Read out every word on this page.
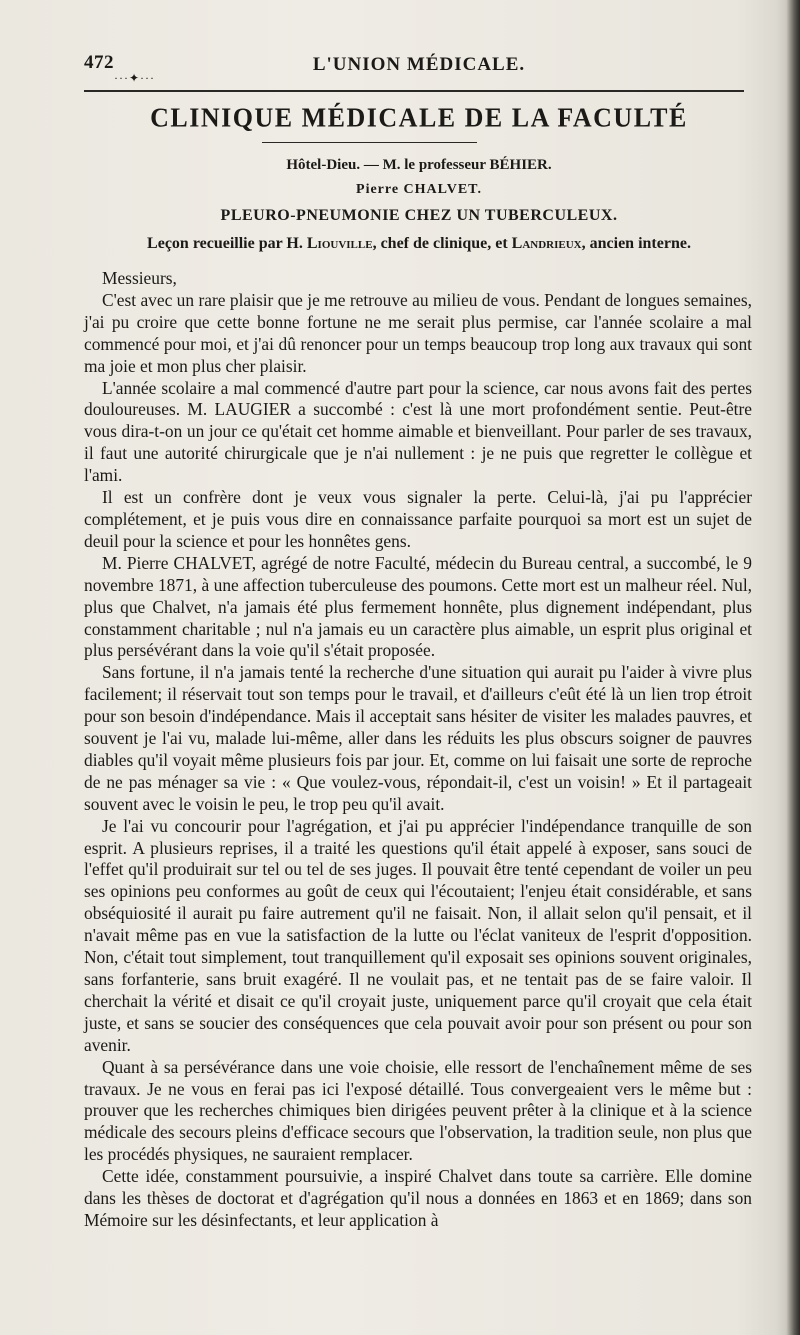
472
···✦···
L'UNION MÉDICALE.
CLINIQUE MÉDICALE DE LA FACULTÉ
Hôtel-Dieu. — M. le professeur BÉHIER.
Pierre CHALVET.
PLEURO-PNEUMONIE CHEZ UN TUBERCULEUX.
Leçon recueillie par H. Liouville, chef de clinique, et Landrieux, ancien interne.

Messieurs,

C'est avec un rare plaisir que je me retrouve au milieu de vous. Pendant de longues semaines, j'ai pu croire que cette bonne fortune ne me serait plus permise, car l'année scolaire a mal commencé pour moi, et j'ai dû renoncer pour un temps beaucoup trop long aux travaux qui sont ma joie et mon plus cher plaisir.

L'année scolaire a mal commencé d'autre part pour la science, car nous avons fait des pertes douloureuses. M. LAUGIER a succombé : c'est là une mort profondément sentie. Peut-être vous dira-t-on un jour ce qu'était cet homme aimable et bienveillant. Pour parler de ses travaux, il faut une autorité chirurgicale que je n'ai nullement : je ne puis que regretter le collègue et l'ami.

Il est un confrère dont je veux vous signaler la perte. Celui-là, j'ai pu l'apprécier complétement, et je puis vous dire en connaissance parfaite pourquoi sa mort est un sujet de deuil pour la science et pour les honnêtes gens.

M. Pierre CHALVET, agrégé de notre Faculté, médecin du Bureau central, a succombé, le 9 novembre 1871, à une affection tuberculeuse des poumons. Cette mort est un malheur réel. Nul, plus que Chalvet, n'a jamais été plus fermement honnête, plus dignement indépendant, plus constamment charitable ; nul n'a jamais eu un caractère plus aimable, un esprit plus original et plus persévérant dans la voie qu'il s'était proposée.

Sans fortune, il n'a jamais tenté la recherche d'une situation qui aurait pu l'aider à vivre plus facilement; il réservait tout son temps pour le travail, et d'ailleurs c'eût été là un lien trop étroit pour son besoin d'indépendance. Mais il acceptait sans hésiter de visiter les malades pauvres, et souvent je l'ai vu, malade lui-même, aller dans les réduits les plus obscurs soigner de pauvres diables qu'il voyait même plusieurs fois par jour. Et, comme on lui faisait une sorte de reproche de ne pas ménager sa vie : « Que voulez-vous, répondait-il, c'est un voisin! » Et il partageait souvent avec le voisin le peu, le trop peu qu'il avait.

Je l'ai vu concourir pour l'agrégation, et j'ai pu apprécier l'indépendance tranquille de son esprit. A plusieurs reprises, il a traité les questions qu'il était appelé à exposer, sans souci de l'effet qu'il produirait sur tel ou tel de ses juges. Il pouvait être tenté cependant de voiler un peu ses opinions peu conformes au goût de ceux qui l'écoutaient; l'enjeu était considérable, et sans obséquiosité il aurait pu faire autrement qu'il ne faisait. Non, il allait selon qu'il pensait, et il n'avait même pas en vue la satisfaction de la lutte ou l'éclat vaniteux de l'esprit d'opposition. Non, c'était tout simplement, tout tranquillement qu'il exposait ses opinions souvent originales, sans forfanterie, sans bruit exagéré. Il ne voulait pas, et ne tentait pas de se faire valoir. Il cherchait la vérité et disait ce qu'il croyait juste, uniquement parce qu'il croyait que cela était juste, et sans se soucier des conséquences que cela pouvait avoir pour son présent ou pour son avenir.

Quant à sa persévérance dans une voie choisie, elle ressort de l'enchaînement même de ses travaux. Je ne vous en ferai pas ici l'exposé détaillé. Tous convergeaient vers le même but : prouver que les recherches chimiques bien dirigées peuvent prêter à la clinique et à la science médicale des secours pleins d'efficace secours que l'observation, la tradition seule, non plus que les procédés physiques, ne sauraient remplacer.

Cette idée, constamment poursuivie, a inspiré Chalvet dans toute sa carrière. Elle domine dans les thèses de doctorat et d'agrégation qu'il nous a données en 1863 et en 1869; dans son Mémoire sur les désinfectants, et leur application à
